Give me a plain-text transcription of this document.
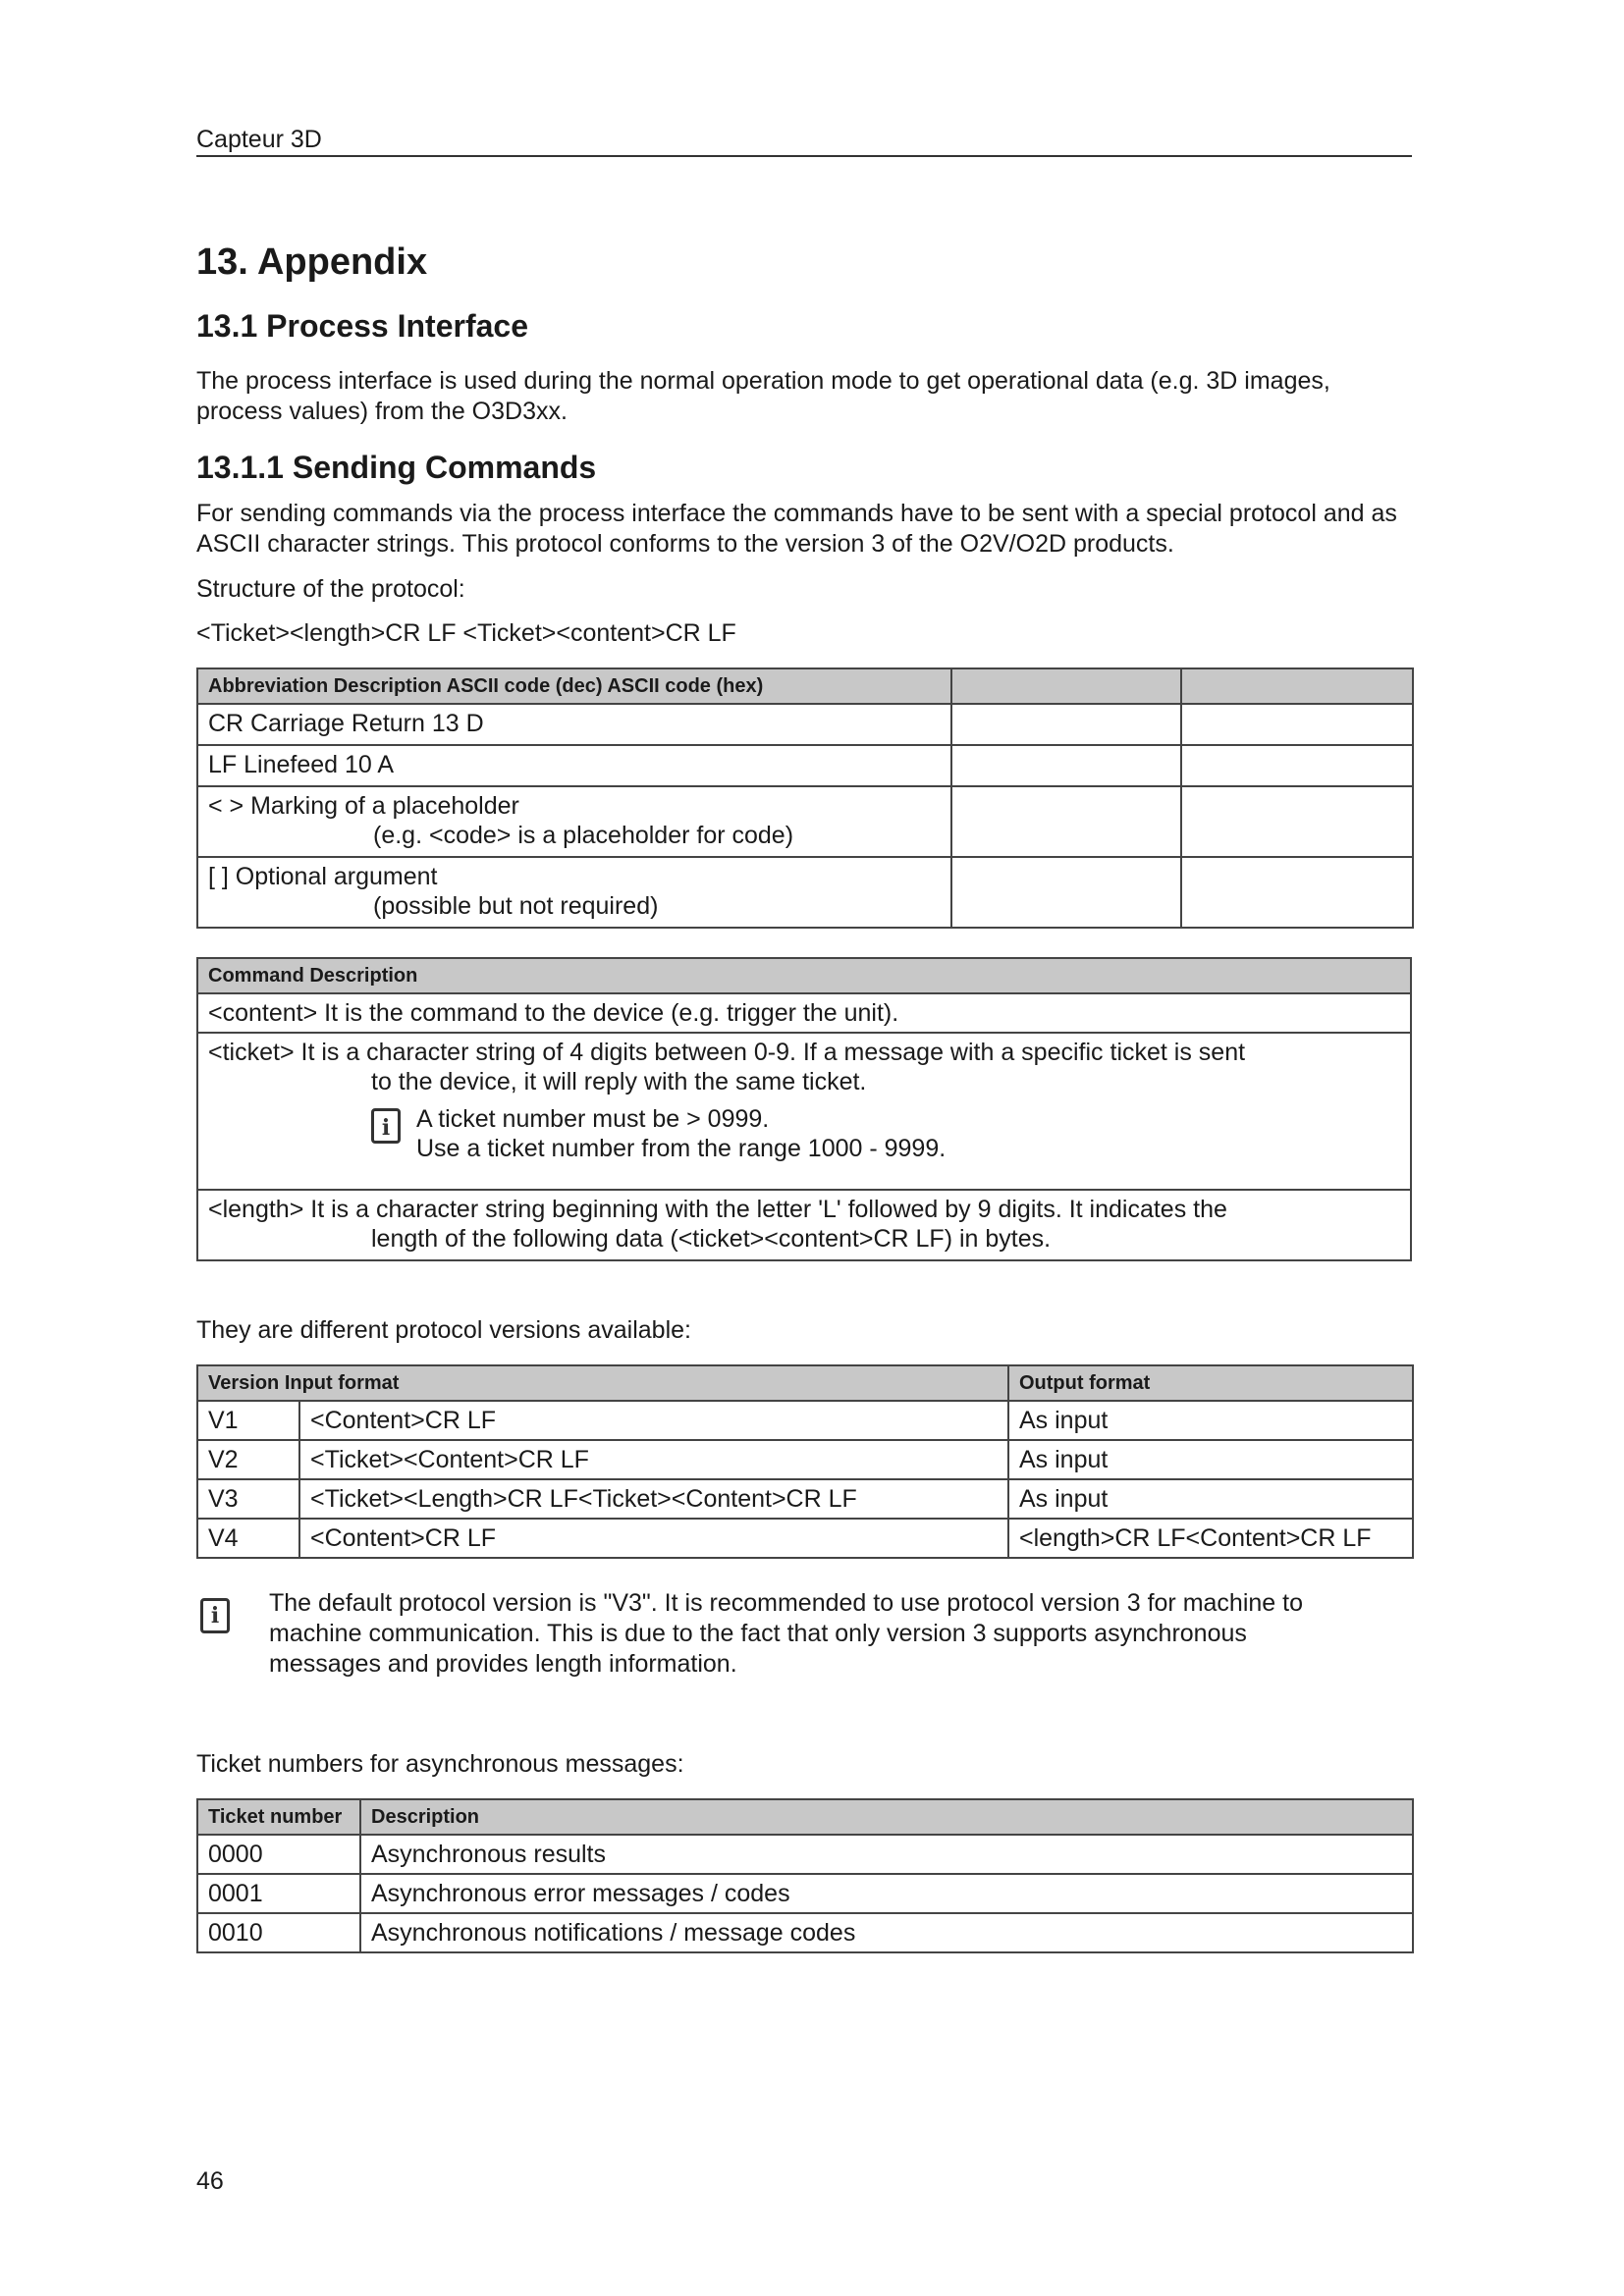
Capteur 3D
13. Appendix
13.1 Process Interface
The process interface is used during the normal operation mode to get operational data (e.g. 3D images, process values) from the O3D3xx.
13.1.1 Sending Commands
For sending commands via the process interface the commands have to be sent with a special protocol and as ASCII character strings. This protocol conforms to the version 3 of the O2V/O2D products.
Structure of the protocol:
<Ticket><length>CR LF <Ticket><content>CR LF
Abbreviation Description ASCII code (dec) ASCII code (hex)		

CR Carriage Return 13 D		

LF Linefeed 10 A		

< > Marking of a placeholder
(e.g. <code> is a placeholder for code)		

[ ] Optional argument
(possible but not required)		

Command Description

<content> It is the command to the device (e.g. trigger the unit).

<ticket> It is a character string of 4 digits between 0-9. If a message with a specific ticket is sent
to the device, it will reply with the same ticket.
i
A ticket number must be > 0999.
Use a ticket number from the range 1000 - 9999.

<length> It is a character string beginning with the letter 'L' followed by 9 digits. It indicates the
length of the following data (<ticket><content>CR LF) in bytes.
They are different protocol versions available:
Version Input format		Output format
V1	<Content>CR LF	As input
V2	<Ticket><Content>CR LF	As input
V3	<Ticket><Length>CR LF<Ticket><Content>CR LF	As input
V4	<Content>CR LF	<length>CR LF<Content>CR LF
i
The default protocol version is "V3". It is recommended to use protocol version 3 for machine to machine communication. This is due to the fact that only version 3 supports asynchronous messages and provides length information.
Ticket numbers for asynchronous messages:
Ticket number	Description
0000	Asynchronous results
0001	Asynchronous error messages / codes
0010	Asynchronous notifications / message codes
46
